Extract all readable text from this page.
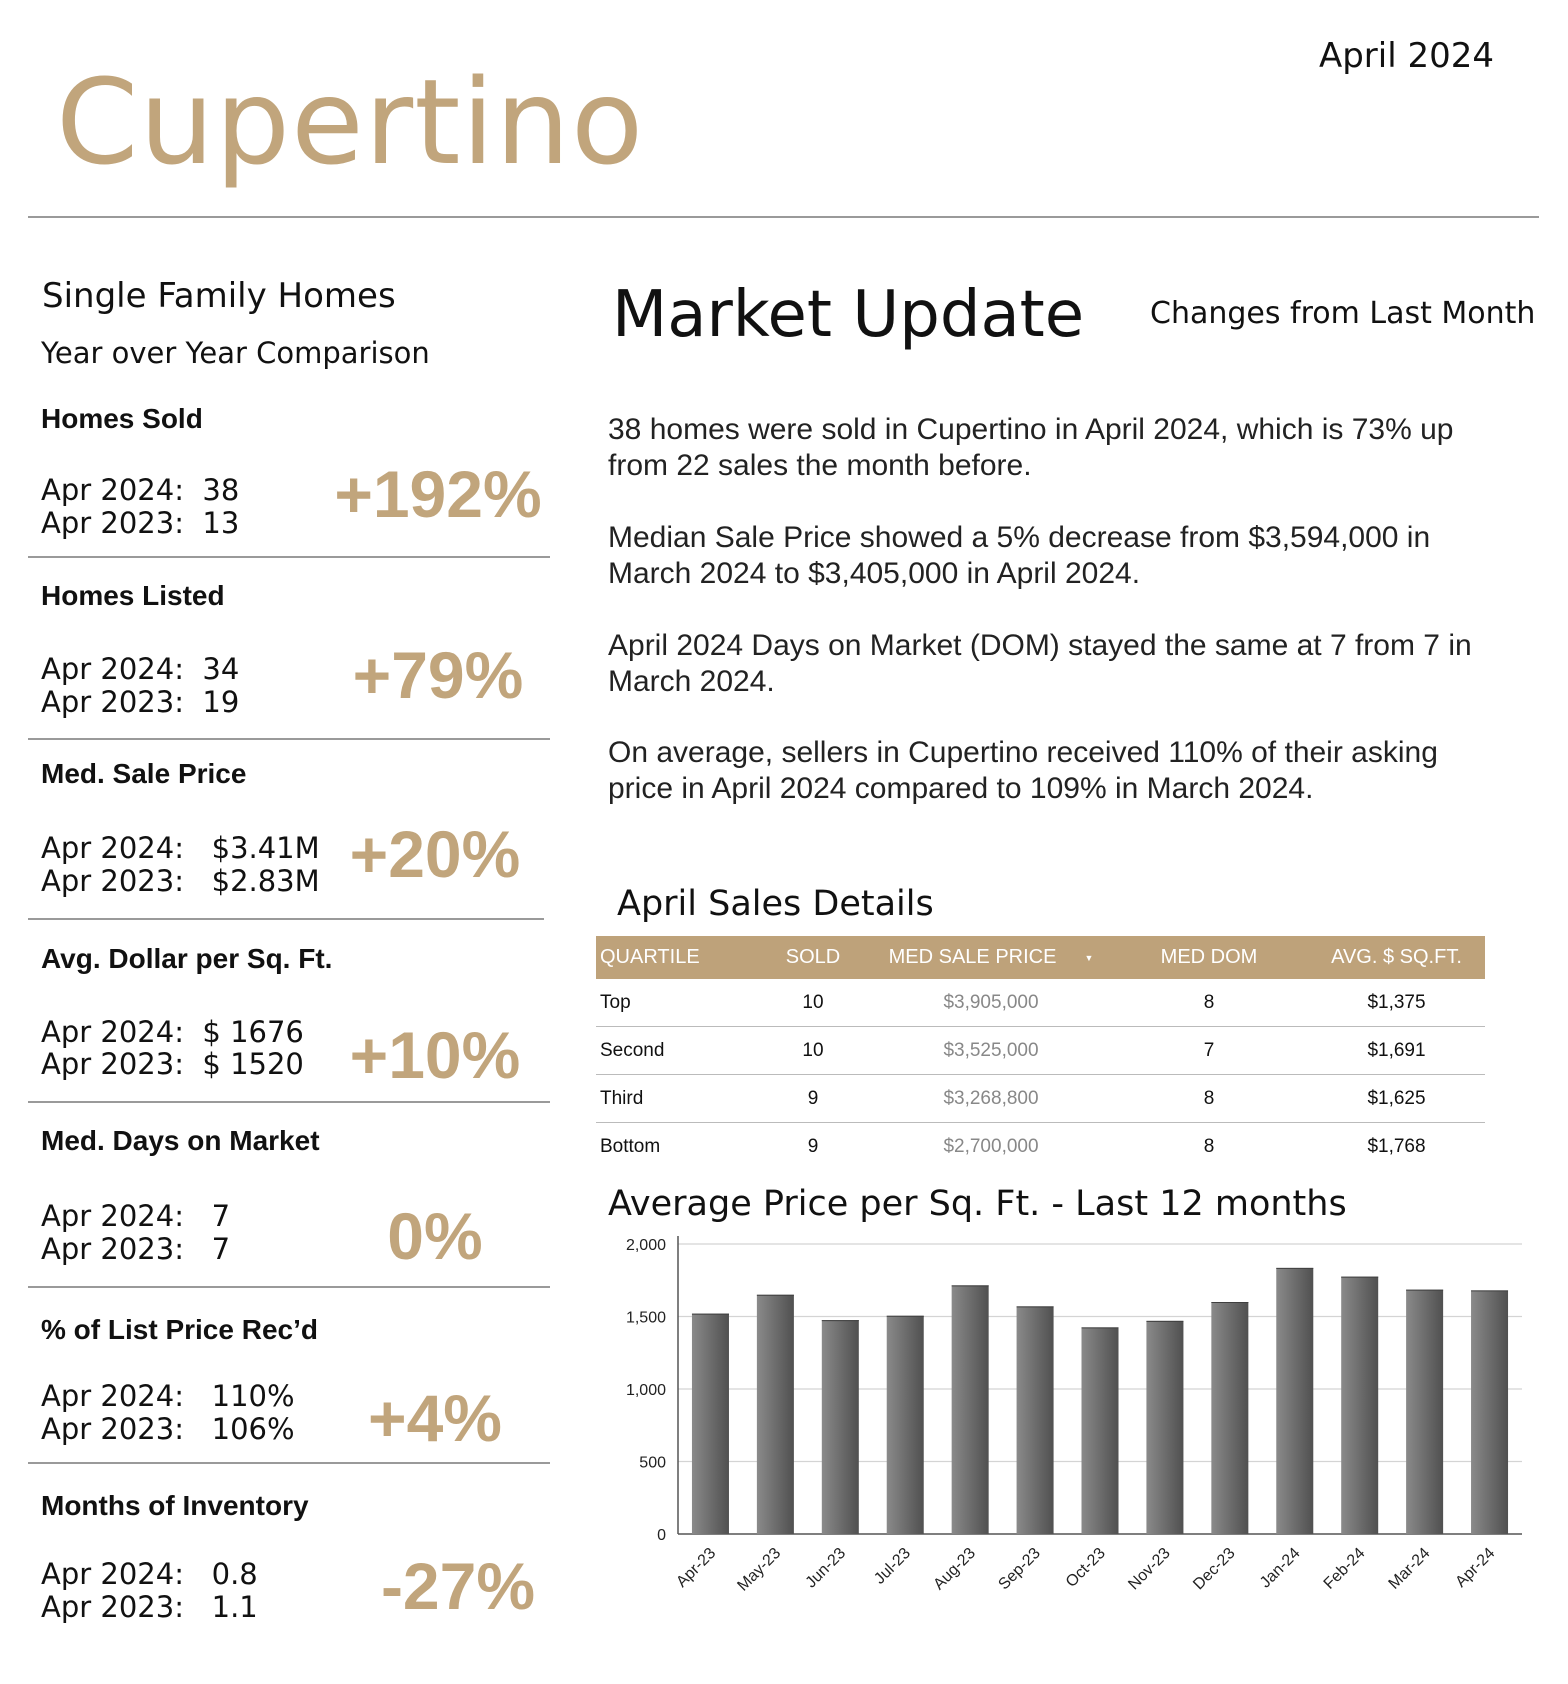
Cupertino	April 2024
Single Family Homes
Year over Year Comparison
Homes Sold
Apr 2024:  38
Apr 2023:  13 +192%
Homes Listed
Apr 2024:  34
Apr 2023:  19	+79%
Med. Sale Price
Apr 2024:   $3.41M
Apr 2023:   $2.83M +20%
Avg. Dollar per Sq. Ft.
Apr 2024:  $ 1676
Apr 2023:  $ 1520 +10%
Med. Days on Market
Apr 2024:   7
Apr 2023:   7	0%
% of List Price Rec’d
Apr 2024:   110%
Apr 2023:   106%	+4%
Months of Inventory
Apr 2024:   0.8
Apr 2023:   1.1	-27%
Market Update Changes from Last Month
38 homes were sold in Cupertino in April 2024, which is 73% up from 22 sales the month before.
Median Sale Price showed a 5% decrease from $3,594,000 in March 2024 to $3,405,000 in April 2024.
April 2024 Days on Market (DOM) stayed the same at 7 from 7 in March 2024.
On average, sellers in Cupertino received 110% of their asking price in April 2024 compared to 109% in March 2024.
April Sales Details
QUARTILE	SOLD	MED SALE PRICE ▼	MED DOM	AVG. $ SQ.FT.
Top	10	$3,905,000	8	$1,375
Second	10	$3,525,000	7	$1,691
Third	9	$3,268,800	8	$1,625
Bottom	9	$2,700,000	8	$1,768
Average Price per Sq. Ft. - Last 12 months
0
500
1,000
1,500
2,000
Apr-23 May-23 Jun-23 Jul-23 Aug-23 Sep-23 Oct-23 Nov-23 Dec-23 Jan-24 Feb-24 Mar-24 Apr-24
